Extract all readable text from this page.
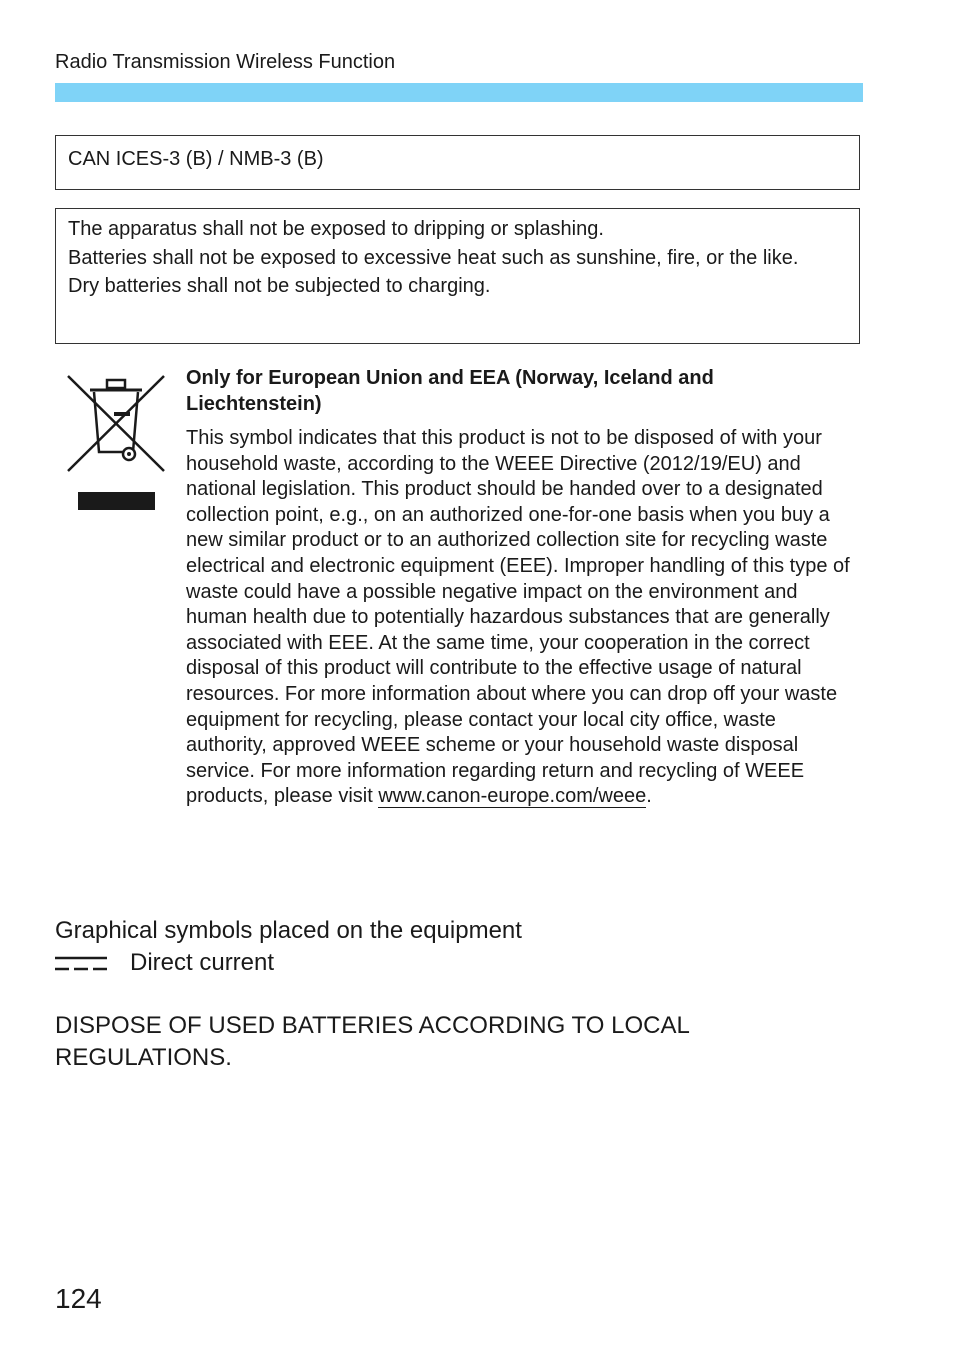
Radio Transmission Wireless Function
CAN ICES-3 (B) / NMB-3 (B)

The apparatus shall not be exposed to dripping or splashing.

Batteries shall not be exposed to excessive heat such as sunshine, fire, or the like.

Dry batteries shall not be subjected to charging.

Only for European Union and EEA (Norway, Iceland and Liechtenstein)
This symbol indicates that this product is not to be disposed of with your household waste, according to the WEEE Directive (2012/19/EU) and national legislation. This product should be handed over to a designated collection point, e.g., on an authorized one-for-one basis when you buy a new similar product or to an authorized collection site for recycling waste electrical and electronic equipment (EEE). Improper handling of this type of waste could have a possible negative impact on the environment and human health due to potentially hazardous substances that are generally associated with EEE. At the same time, your cooperation in the correct disposal of this product will contribute to the effective usage of natural resources. For more information about where you can drop off your waste equipment for recycling, please contact your local city office, waste authority, approved WEEE scheme or your household waste disposal service. For more information regarding return and recycling of WEEE products, please visit www.canon-europe.com/weee.
Graphical symbols placed on the equipment
Direct current
DISPOSE OF USED BATTERIES ACCORDING TO LOCAL REGULATIONS.
124
